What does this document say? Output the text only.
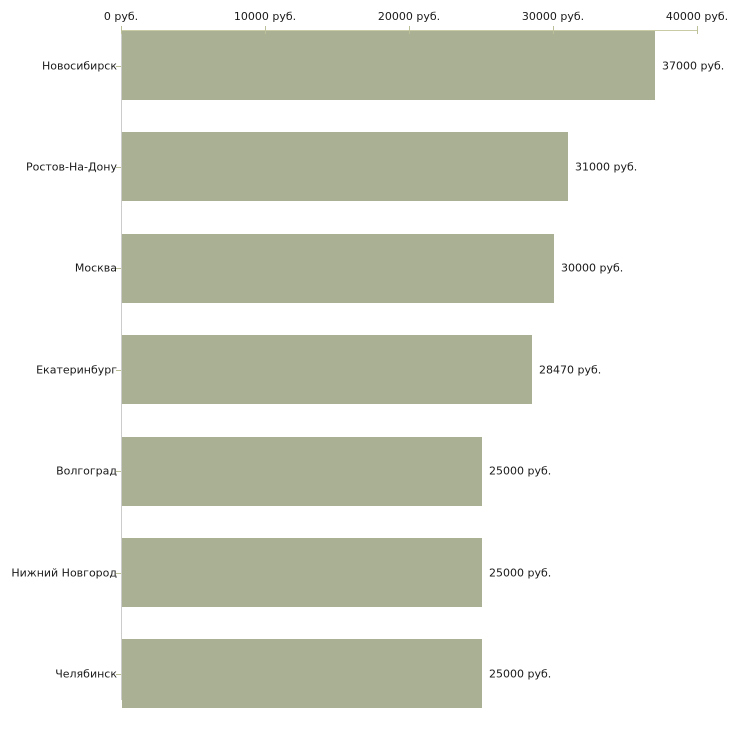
0 руб.	10000 руб.	20000 руб.	30000 руб.	40000 руб.
Новосибирск	37000 руб.
Ростов-На-Дону	31000 руб.
Москва	30000 руб.
Екатеринбург	28470 руб.
Волгоград	25000 руб.
Нижний Новгород	25000 руб.
Челябинск	25000 руб.
